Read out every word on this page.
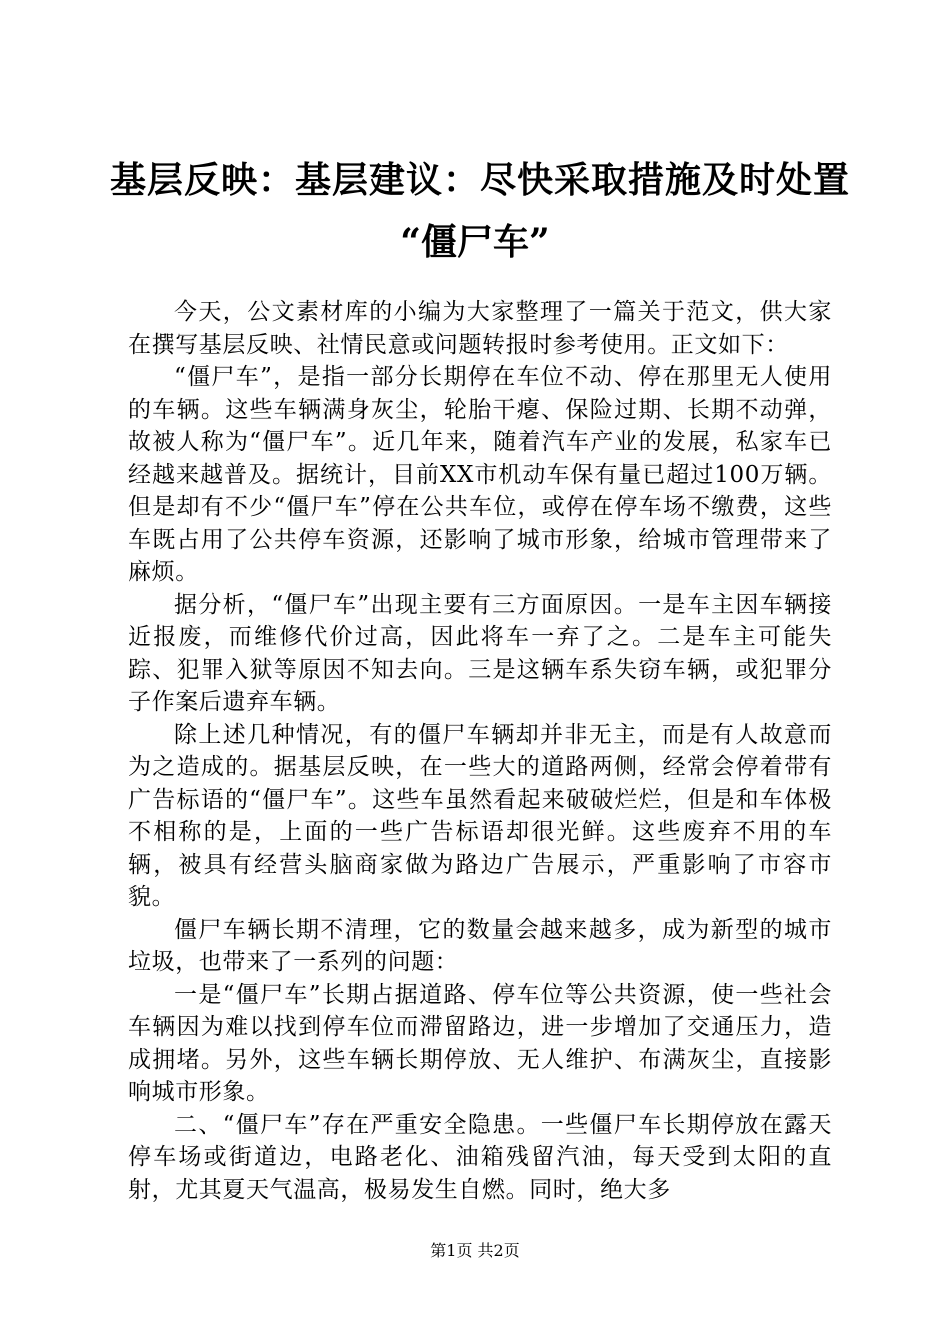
基层反映：基层建议：尽快采取措施及时处置
“僵尸车”

今天，公文素材库的小编为大家整理了一篇关于范文，供大家在撰写基层反映、社情民意或问题转报时参考使用。正文如下：

“僵尸车”，是指一部分长期停在车位不动、停在那里无人使用的车辆。这些车辆满身灰尘，轮胎干瘪、保险过期、长期不动弹，故被人称为“僵尸车”。近几年来，随着汽车产业的发展，私家车已经越来越普及。据统计，目前XX市机动车保有量已超过100万辆。但是却有不少“僵尸车”停在公共车位，或停在停车场不缴费，这些车既占用了公共停车资源，还影响了城市形象，给城市管理带来了麻烦。

据分析，“僵尸车”出现主要有三方面原因。一是车主因车辆接近报废，而维修代价过高，因此将车一弃了之。二是车主可能失踪、犯罪入狱等原因不知去向。三是这辆车系失窃车辆，或犯罪分子作案后遗弃车辆。

除上述几种情况，有的僵尸车辆却并非无主，而是有人故意而为之造成的。据基层反映，在一些大的道路两侧，经常会停着带有广告标语的“僵尸车”。这些车虽然看起来破破烂烂，但是和车体极不相称的是，上面的一些广告标语却很光鲜。这些废弃不用的车辆，被具有经营头脑商家做为路边广告展示，严重影响了市容市貌。

僵尸车辆长期不清理，它的数量会越来越多，成为新型的城市垃圾，也带来了一系列的问题：

一是“僵尸车”长期占据道路、停车位等公共资源，使一些社会车辆因为难以找到停车位而滞留路边，进一步增加了交通压力，造成拥堵。另外，这些车辆长期停放、无人维护、布满灰尘，直接影响城市形象。

二、“僵尸车”存在严重安全隐患。一些僵尸车长期停放在露天停车场或街道边，电路老化、油箱残留汽油，每天受到太阳的直射，尤其夏天气温高，极易发生自燃。同时，绝大多

第1页 共2页
